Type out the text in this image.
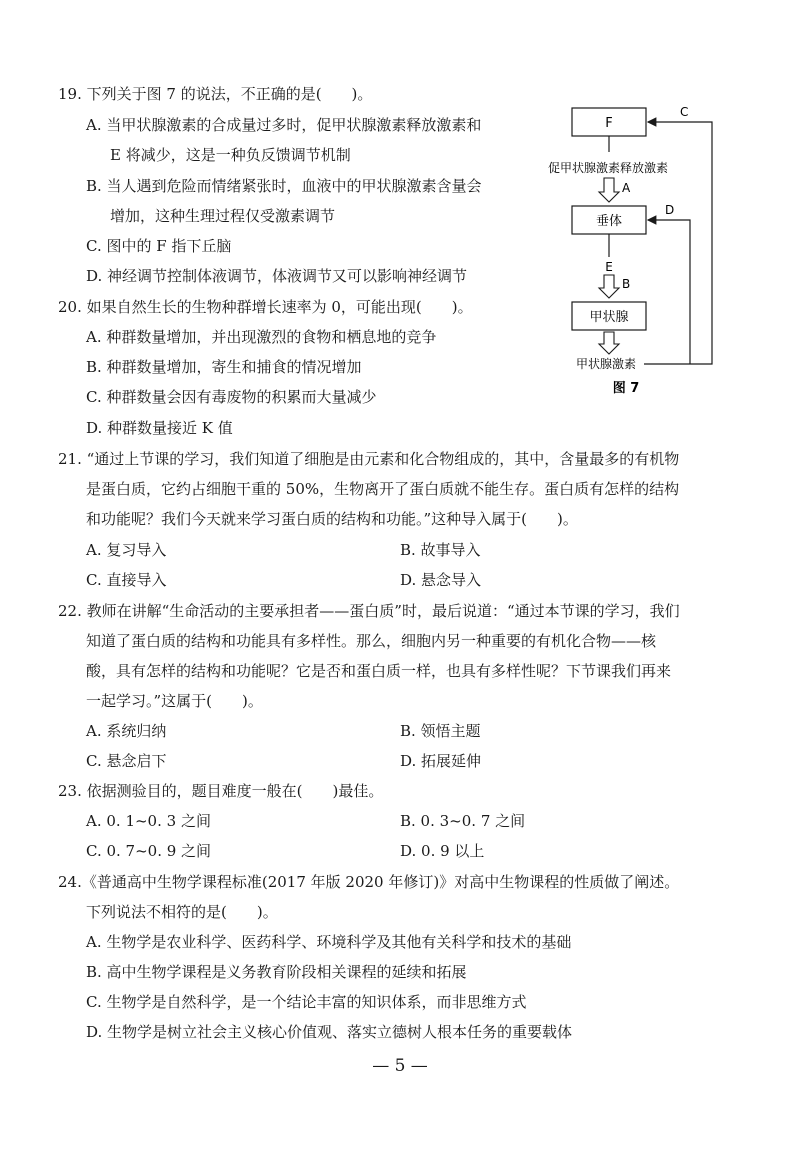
19. 下列关于图 7 的说法，不正确的是(　　)。
A. 当甲状腺激素的合成量过多时，促甲状腺激素释放激素和
E 将减少，这是一种负反馈调节机制
B. 当人遇到危险而情绪紧张时，血液中的甲状腺激素含量会
增加，这种生理过程仅受激素调节
C. 图中的 F 指下丘脑
D. 神经调节控制体液调节，体液调节又可以影响神经调节
F
促甲状腺激素释放激素
A
垂体
E
B
甲状腺
甲状腺激素
C
D
图 7
20. 如果自然生长的生物种群增长速率为 0，可能出现(　　)。
A. 种群数量增加，并出现激烈的食物和栖息地的竞争
B. 种群数量增加，寄生和捕食的情况增加
C. 种群数量会因有毒废物的积累而大量减少
D. 种群数量接近 K 值
21. “通过上节课的学习，我们知道了细胞是由元素和化合物组成的，其中，含量最多的有机物
是蛋白质，它约占细胞干重的 50%，生物离开了蛋白质就不能生存。蛋白质有怎样的结构
和功能呢？我们今天就来学习蛋白质的结构和功能。”这种导入属于(　　)。
A. 复习导入	B. 故事导入
C. 直接导入	D. 悬念导入
22. 教师在讲解“生命活动的主要承担者——蛋白质”时，最后说道：“通过本节课的学习，我们
知道了蛋白质的结构和功能具有多样性。那么，细胞内另一种重要的有机化合物——核
酸，具有怎样的结构和功能呢？它是否和蛋白质一样，也具有多样性呢？下节课我们再来
一起学习。”这属于(　　)。
A. 系统归纳	B. 领悟主题
C. 悬念启下	D. 拓展延伸
23. 依据测验目的，题目难度一般在(　　)最佳。
A. 0. 1~0. 3 之间	B. 0. 3~0. 7 之间
C. 0. 7~0. 9 之间	D. 0. 9 以上
24.《普通高中生物学课程标准(2017 年版 2020 年修订)》对高中生物课程的性质做了阐述。
下列说法不相符的是(　　)。
A. 生物学是农业科学、医药科学、环境科学及其他有关科学和技术的基础
B. 高中生物学课程是义务教育阶段相关课程的延续和拓展
C. 生物学是自然科学，是一个结论丰富的知识体系，而非思维方式
D. 生物学是树立社会主义核心价值观、落实立德树人根本任务的重要载体
— 5 —
